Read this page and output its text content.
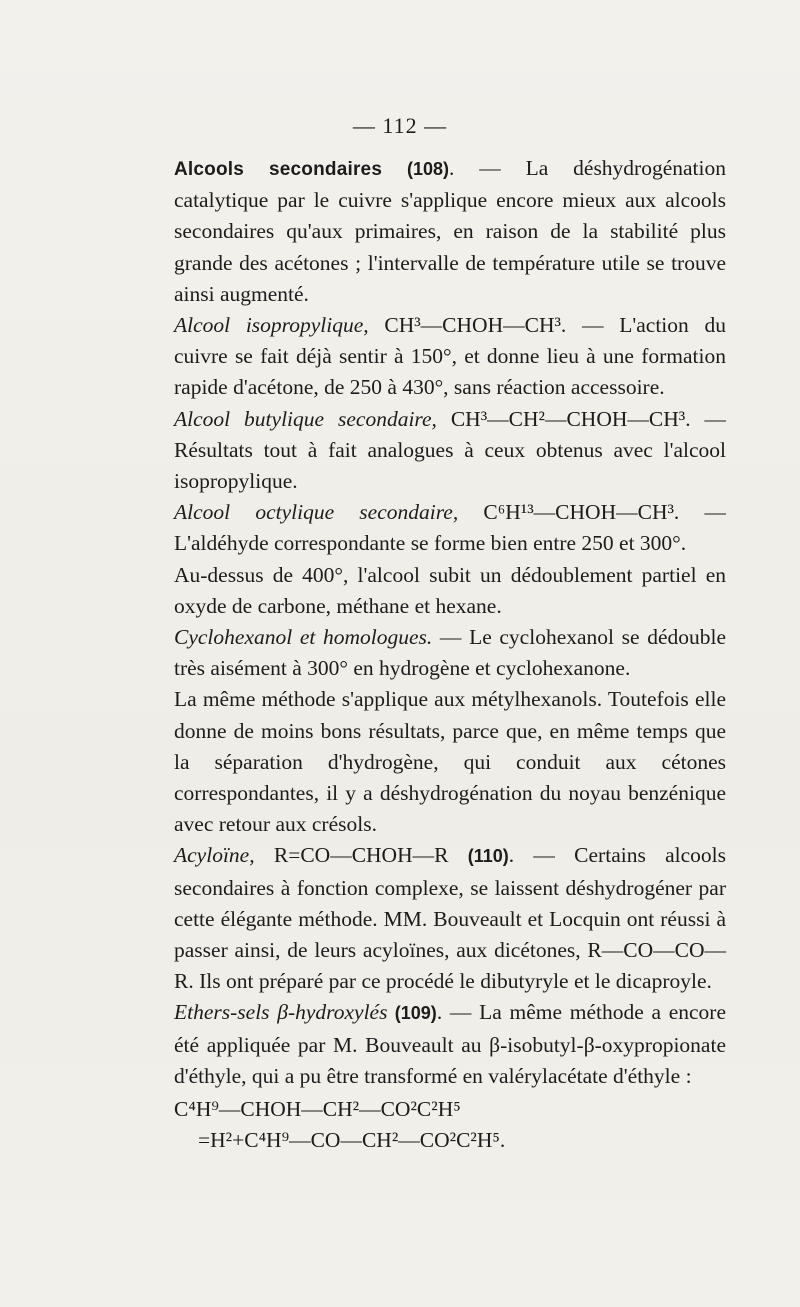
— 112 —

Alcools secondaires (108). — La déshydrogénation catalytique par le cuivre s'applique encore mieux aux alcools secondaires qu'aux primaires, en raison de la stabilité plus grande des acétones ; l'intervalle de température utile se trouve ainsi augmenté.

Alcool isopropylique, CH³—CHOH—CH³. — L'action du cuivre se fait déjà sentir à 150°, et donne lieu à une formation rapide d'acétone, de 250 à 430°, sans réaction accessoire.

Alcool butylique secondaire, CH³—CH²—CHOH—CH³. — Résultats tout à fait analogues à ceux obtenus avec l'alcool isopropylique.

Alcool octylique secondaire, C⁶H¹³—CHOH—CH³. — L'aldéhyde correspondante se forme bien entre 250 et 300°.

Au-dessus de 400°, l'alcool subit un dédoublement partiel en oxyde de carbone, méthane et hexane.

Cyclohexanol et homologues. — Le cyclohexanol se dédouble très aisément à 300° en hydrogène et cyclohexanone.

La même méthode s'applique aux métylhexanols. Toutefois elle donne de moins bons résultats, parce que, en même temps que la séparation d'hydrogène, qui conduit aux cétones correspondantes, il y a déshydrogénation du noyau benzénique avec retour aux crésols.

Acyloïne, R=CO—CHOH—R (110). — Certains alcools secondaires à fonction complexe, se laissent déshydrogéner par cette élégante méthode. MM. Bouveault et Locquin ont réussi à passer ainsi, de leurs acyloïnes, aux dicétones, R—CO—CO—R. Ils ont préparé par ce procédé le dibutyryle et le dicaproyle.

Ethers-sels β-hydroxylés (109). — La même méthode a encore été appliquée par M. Bouveault au β-isobutyl-β-oxypropionate d'éthyle, qui a pu être transformé en valérylacétate d'éthyle :

C⁴H⁹—CHOH—CH²—CO²C²H⁵
=H²+C⁴H⁹—CO—CH²—CO²C²H⁵.
